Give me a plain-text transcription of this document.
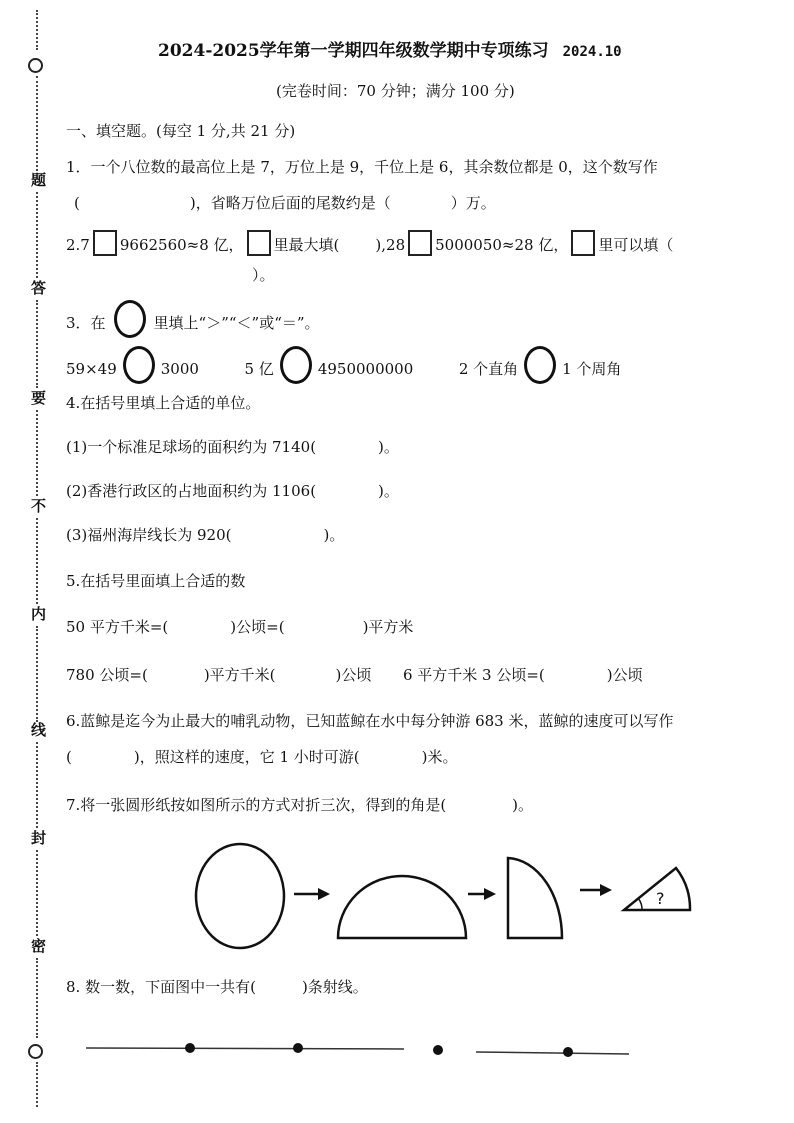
题
答
要
不
内
线
封
密
2024-2025学年第一学期四年级数学期中专项练习 2024.10
(完卷时间：70 分钟；满分 100 分)
一、填空题。(每空 1 分,共 21 分)
1．一个八位数的最高位上是 7，万位上是 9，千位上是 6，其余数位都是 0，这个数写作
(	)，省略万位后面的尾数约是（	）万。
2.7 9662560≈8 亿， 里最大填( ),28 5000050≈28 亿， 里可以填（
）。
3．在	里填上“＞”“＜”或“＝”。
59×49	3000	5 亿	4950000000	2 个直角	1 个周角
4.在括号里填上合适的单位。
(1)一个标准足球场的面积约为 7140(	)。
(2)香港行政区的占地面积约为 1106(	)。
(3)福州海岸线长为 920(	)。
5.在括号里面填上合适的数
50 平方千米=(	)公顷=(	)平方米
780 公顷=(	)平方千米(	)公顷 6 平方千米 3 公顷=(	)公顷
6.蓝鲸是迄今为止最大的哺乳动物，已知蓝鲸在水中每分钟游 683 米，蓝鲸的速度可以写作
(	)，照这样的速度，它 1 小时可游(	)米。
7.将一张圆形纸按如图所示的方式对折三次，得到的角是(	)。
?
8. 数一数，下面图中一共有(	)条射线。
